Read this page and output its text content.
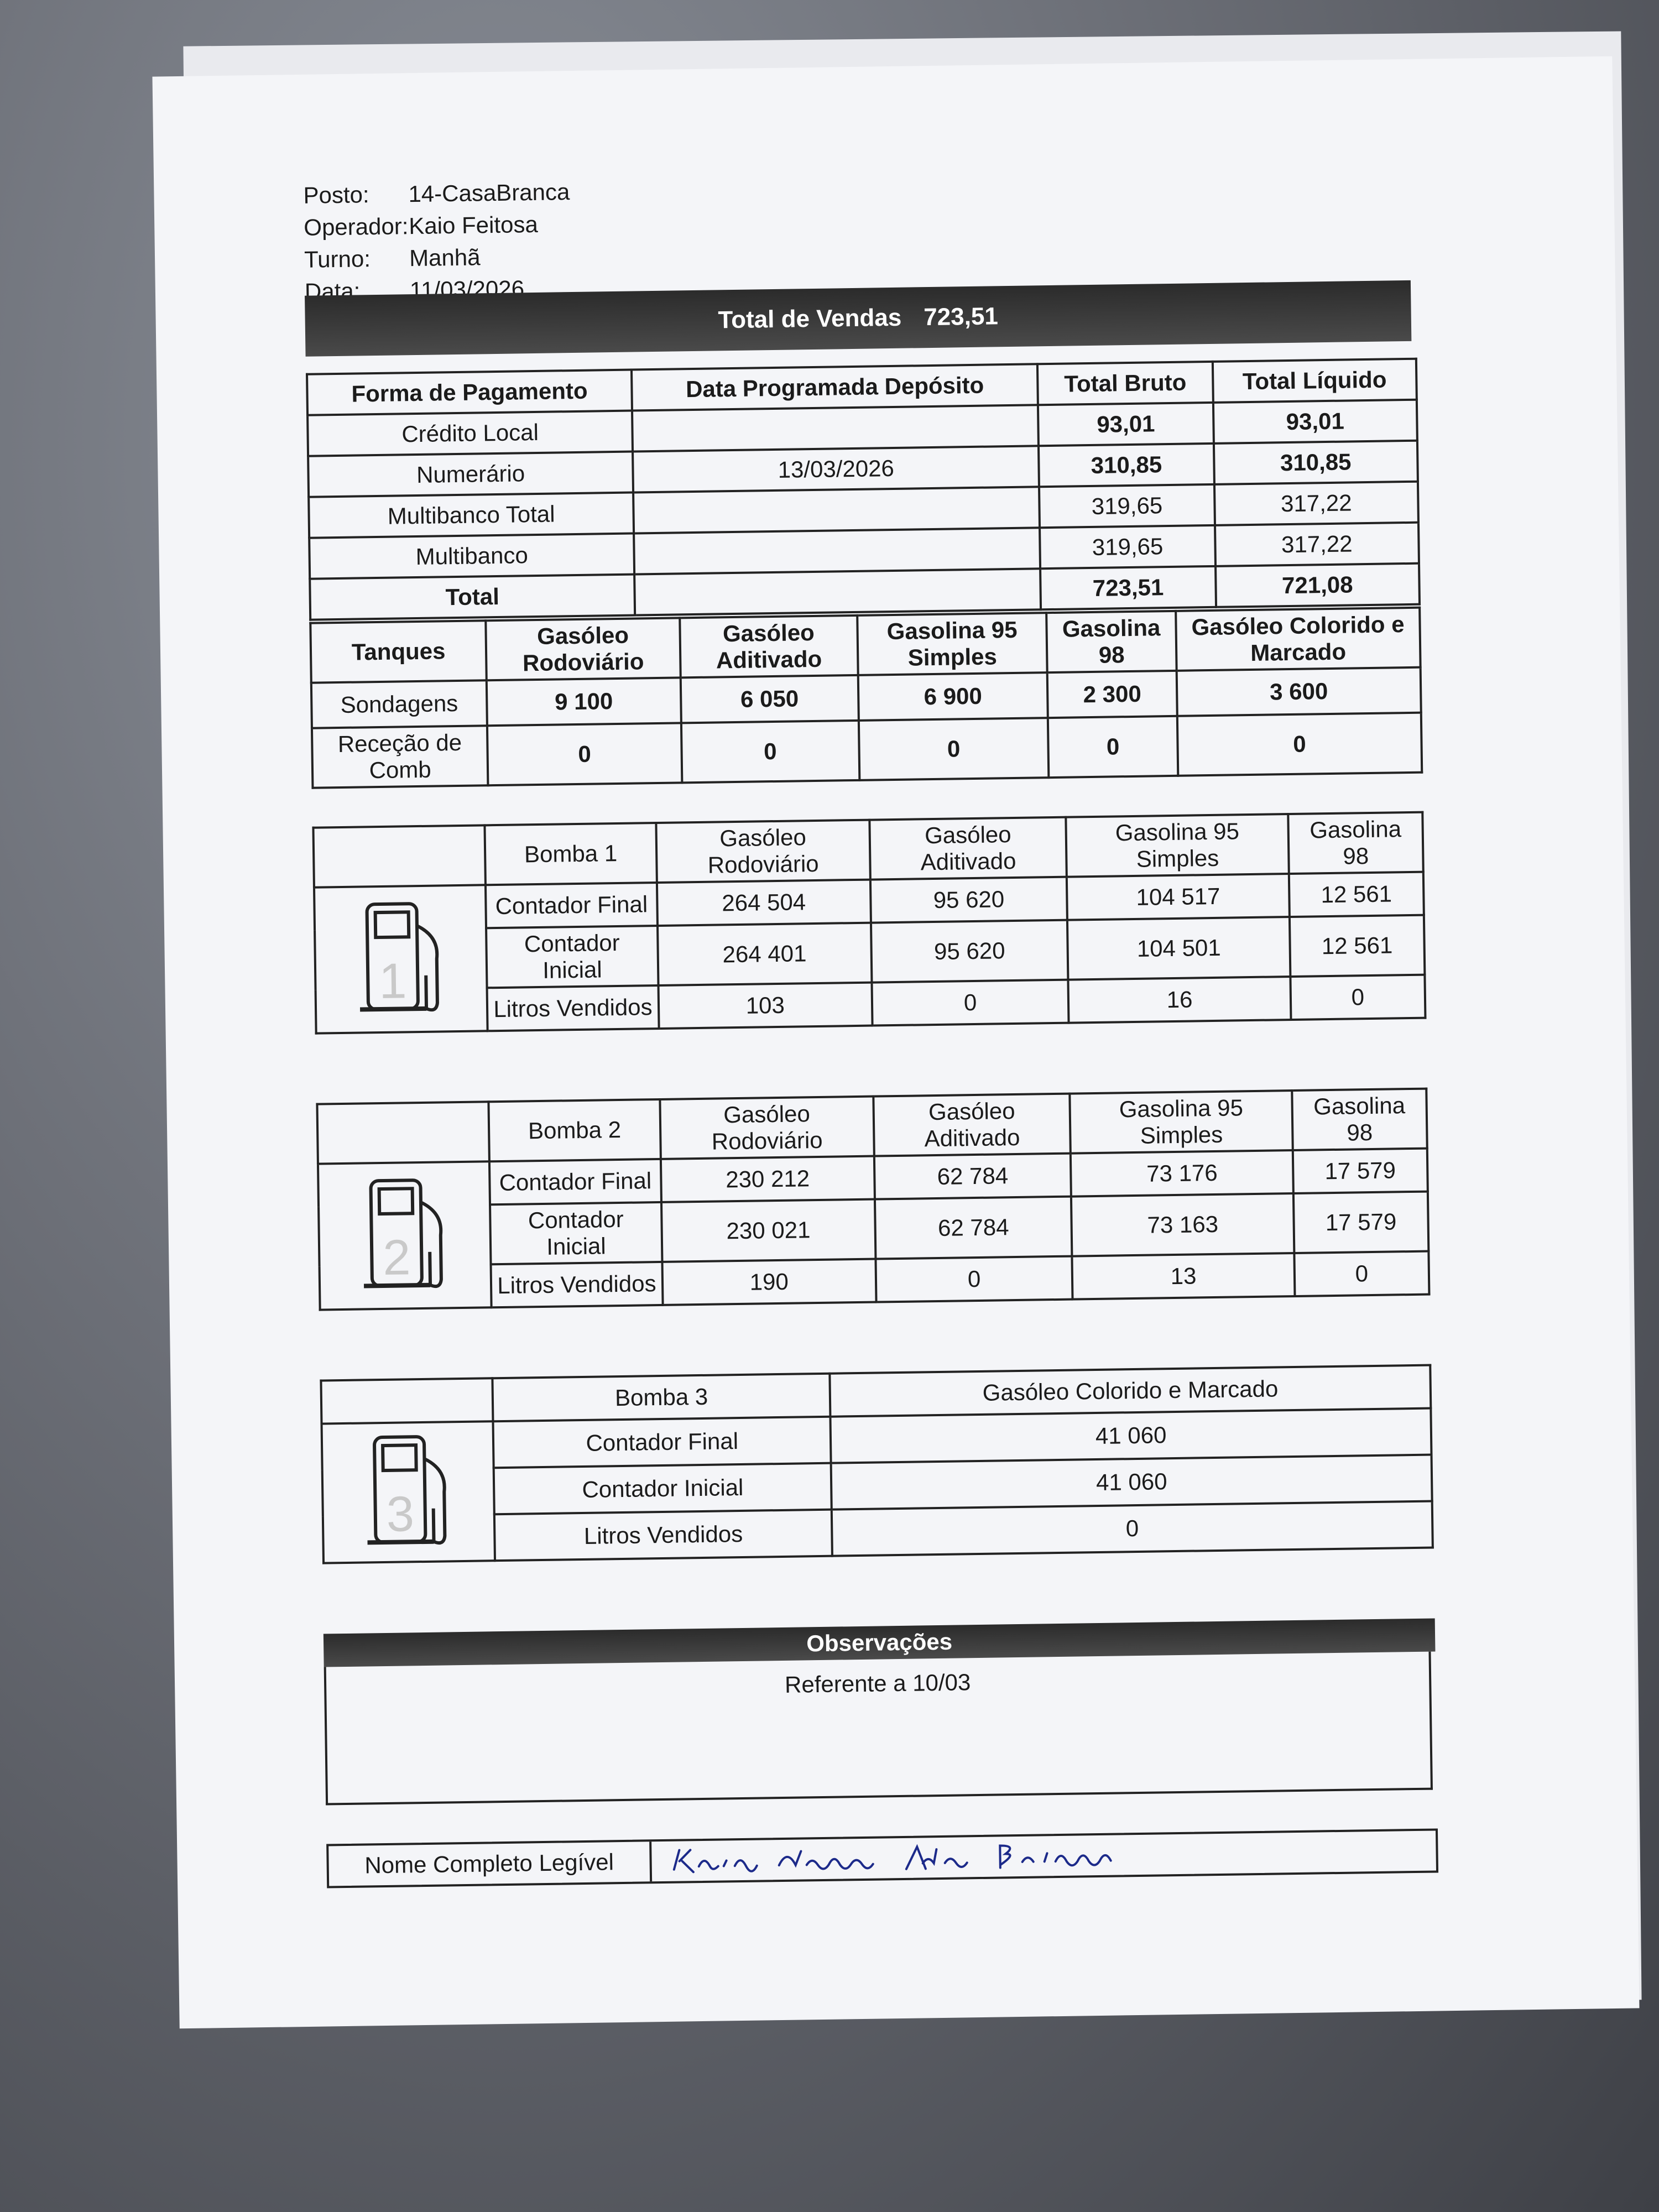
Posto:	14-CasaBranca
Operador: Kaio Feitosa
Turno:	Manhã
Data:	11/03/2026
Total de Vendas 723,51
Forma de Pagamento	Data Programada Depósito	Total Bruto	Total Líquido
Crédito Local		93,01	93,01
Numerário	13/03/2026	310,85	310,85
Multibanco Total		319,65	317,22
Multibanco		319,65	317,22
Total		723,51	721,08
Tanques	Gasóleo Rodoviário	Gasóleo Aditivado	Gasolina 95 Simples	Gasolina 98	Gasóleo Colorido e Marcado
Sondagens	9 100	6 050	6 900	2 300	3 600
Receção de Comb	0	0	0	0	0
	Bomba 1	Gasóleo Rodoviário	Gasóleo Aditivado	Gasolina 95 Simples	Gasolina 98

1	Contador Final	264 504	95 620	104 517	12 561
	Contador Inicial	264 401	95 620	104 501	12 561
	Litros Vendidos	103	0	16	0
	Bomba 2	Gasóleo Rodoviário	Gasóleo Aditivado	Gasolina 95 Simples	Gasolina 98

2	Contador Final	230 212	62 784	73 176	17 579
	Contador Inicial	230 021	62 784	73 163	17 579
	Litros Vendidos	190	0	13	0
	Bomba 3	Gasóleo Colorido e Marcado

3	Contador Final	41 060
	Contador Inicial	41 060
	Litros Vendidos	0
Observações
Referente a 10/03
Nome Completo Legível
